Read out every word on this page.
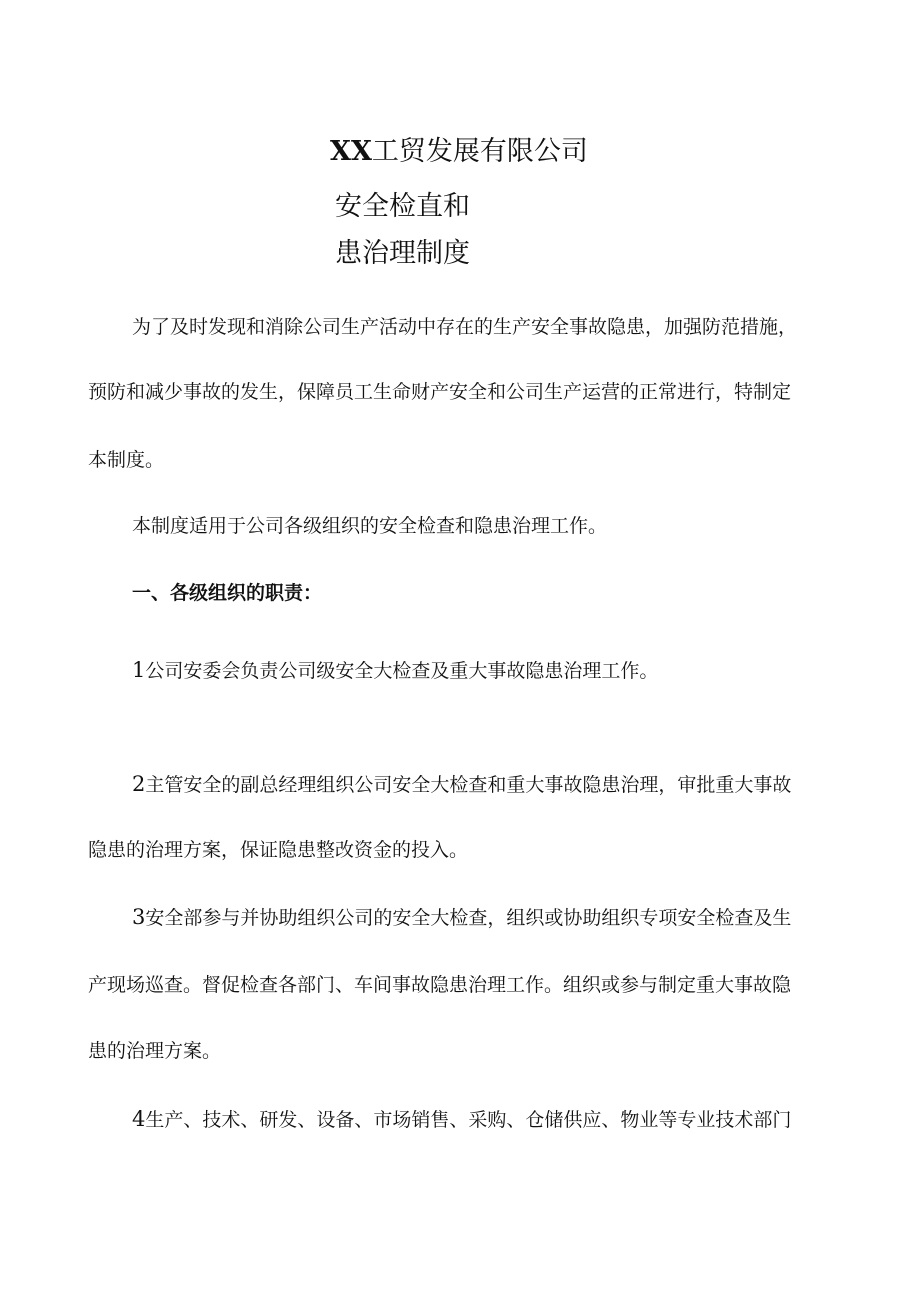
XX工贸发展有限公司
安全检直和
患治理制度
为了及时发现和消除公司生产活动中存在的生产安全事故隐患，加强防范措施，
预防和减少事故的发生，保障员工生命财产安全和公司生产运营的正常进行，特制定
本制度。
本制度适用于公司各级组织的安全检查和隐患治理工作。
一、各级组织的职责：
1公司安委会负责公司级安全大检查及重大事故隐患治理工作。
2主管安全的副总经理组织公司安全大检查和重大事故隐患治理，审批重大事故
隐患的治理方案，保证隐患整改资金的投入。
3安全部参与并协助组织公司的安全大检查，组织或协助组织专项安全检查及生
产现场巡查。督促检查各部门、车间事故隐患治理工作。组织或参与制定重大事故隐
患的治理方案。
4生产、技术、研发、设备、市场销售、采购、仓储供应、物业等专业技术部门
